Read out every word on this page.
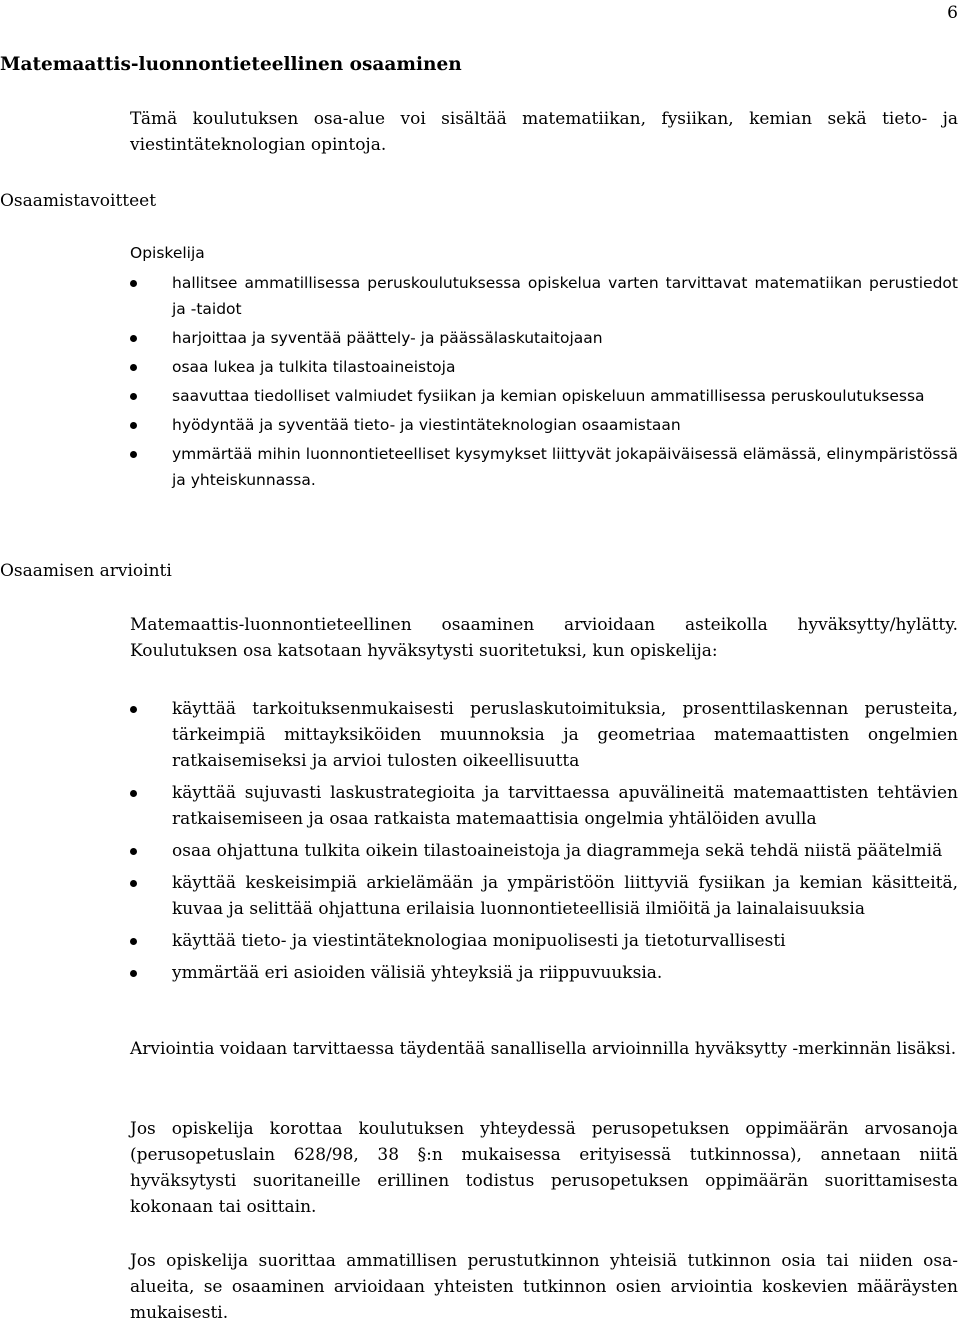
6
Matemaattis-luonnontieteellinen osaaminen

Tämä koulutuksen osa-alue voi sisältää matematiikan, fysiikan, kemian sekä tieto- ja viestintäteknologian opintoja.

Osaamistavoitteet

Opiskelija

hallitsee ammatillisessa peruskoulutuksessa opiskelua varten tarvittavat matematiikan perustiedot ja -taidot
harjoittaa ja syventää päättely- ja päässälaskutaitojaan
osaa lukea ja tulkita tilastoaineistoja
saavuttaa tiedolliset valmiudet fysiikan ja kemian opiskeluun ammatillisessa peruskoulutuksessa
hyödyntää ja syventää tieto- ja viestintäteknologian osaamistaan
ymmärtää mihin luonnontieteelliset kysymykset liittyvät jokapäiväisessä elämässä, elinympäristössä ja yhteiskunnassa.
Osaamisen arviointi

Matemaattis-luonnontieteellinen osaaminen arvioidaan asteikolla hyväksytty/hylätty. Koulutuksen osa katsotaan hyväksytysti suoritetuksi, kun opiskelija:

käyttää tarkoituksenmukaisesti peruslaskutoimituksia, prosenttilaskennan perusteita, tärkeimpiä mittayksiköiden muunnoksia ja geometriaa matemaattisten ongelmien ratkaisemiseksi ja arvioi tulosten oikeellisuutta
käyttää sujuvasti laskustrategioita ja tarvittaessa apuvälineitä matemaattisten tehtävien ratkaisemiseen ja osaa ratkaista matemaattisia ongelmia yhtälöiden avulla
osaa ohjattuna tulkita oikein tilastoaineistoja ja diagrammeja sekä tehdä niistä päätelmiä
käyttää keskeisimpiä arkielämään ja ympäristöön liittyviä fysiikan ja kemian käsitteitä, kuvaa ja selittää ohjattuna erilaisia luonnontieteellisiä ilmiöitä ja lainalaisuuksia
käyttää tieto- ja viestintäteknologiaa monipuolisesti ja tietoturvallisesti
ymmärtää eri asioiden välisiä yhteyksiä ja riippuvuuksia.

Arviointia voidaan tarvittaessa täydentää sanallisella arvioinnilla hyväksytty -merkinnän lisäksi.

Jos opiskelija korottaa koulutuksen yhteydessä perusopetuksen oppimäärän arvosanoja (perusopetuslain 628/98, 38 §:n mukaisessa erityisessä tutkinnossa), annetaan niitä hyväksytysti suoritaneille erillinen todistus perusopetuksen oppimäärän suorittamisesta kokonaan tai osittain.

Jos opiskelija suorittaa ammatillisen perustutkinnon yhteisiä tutkinnon osia tai niiden osa-alueita, se osaaminen arvioidaan yhteisten tutkinnon osien arviointia koskevien määräysten mukaisesti.
